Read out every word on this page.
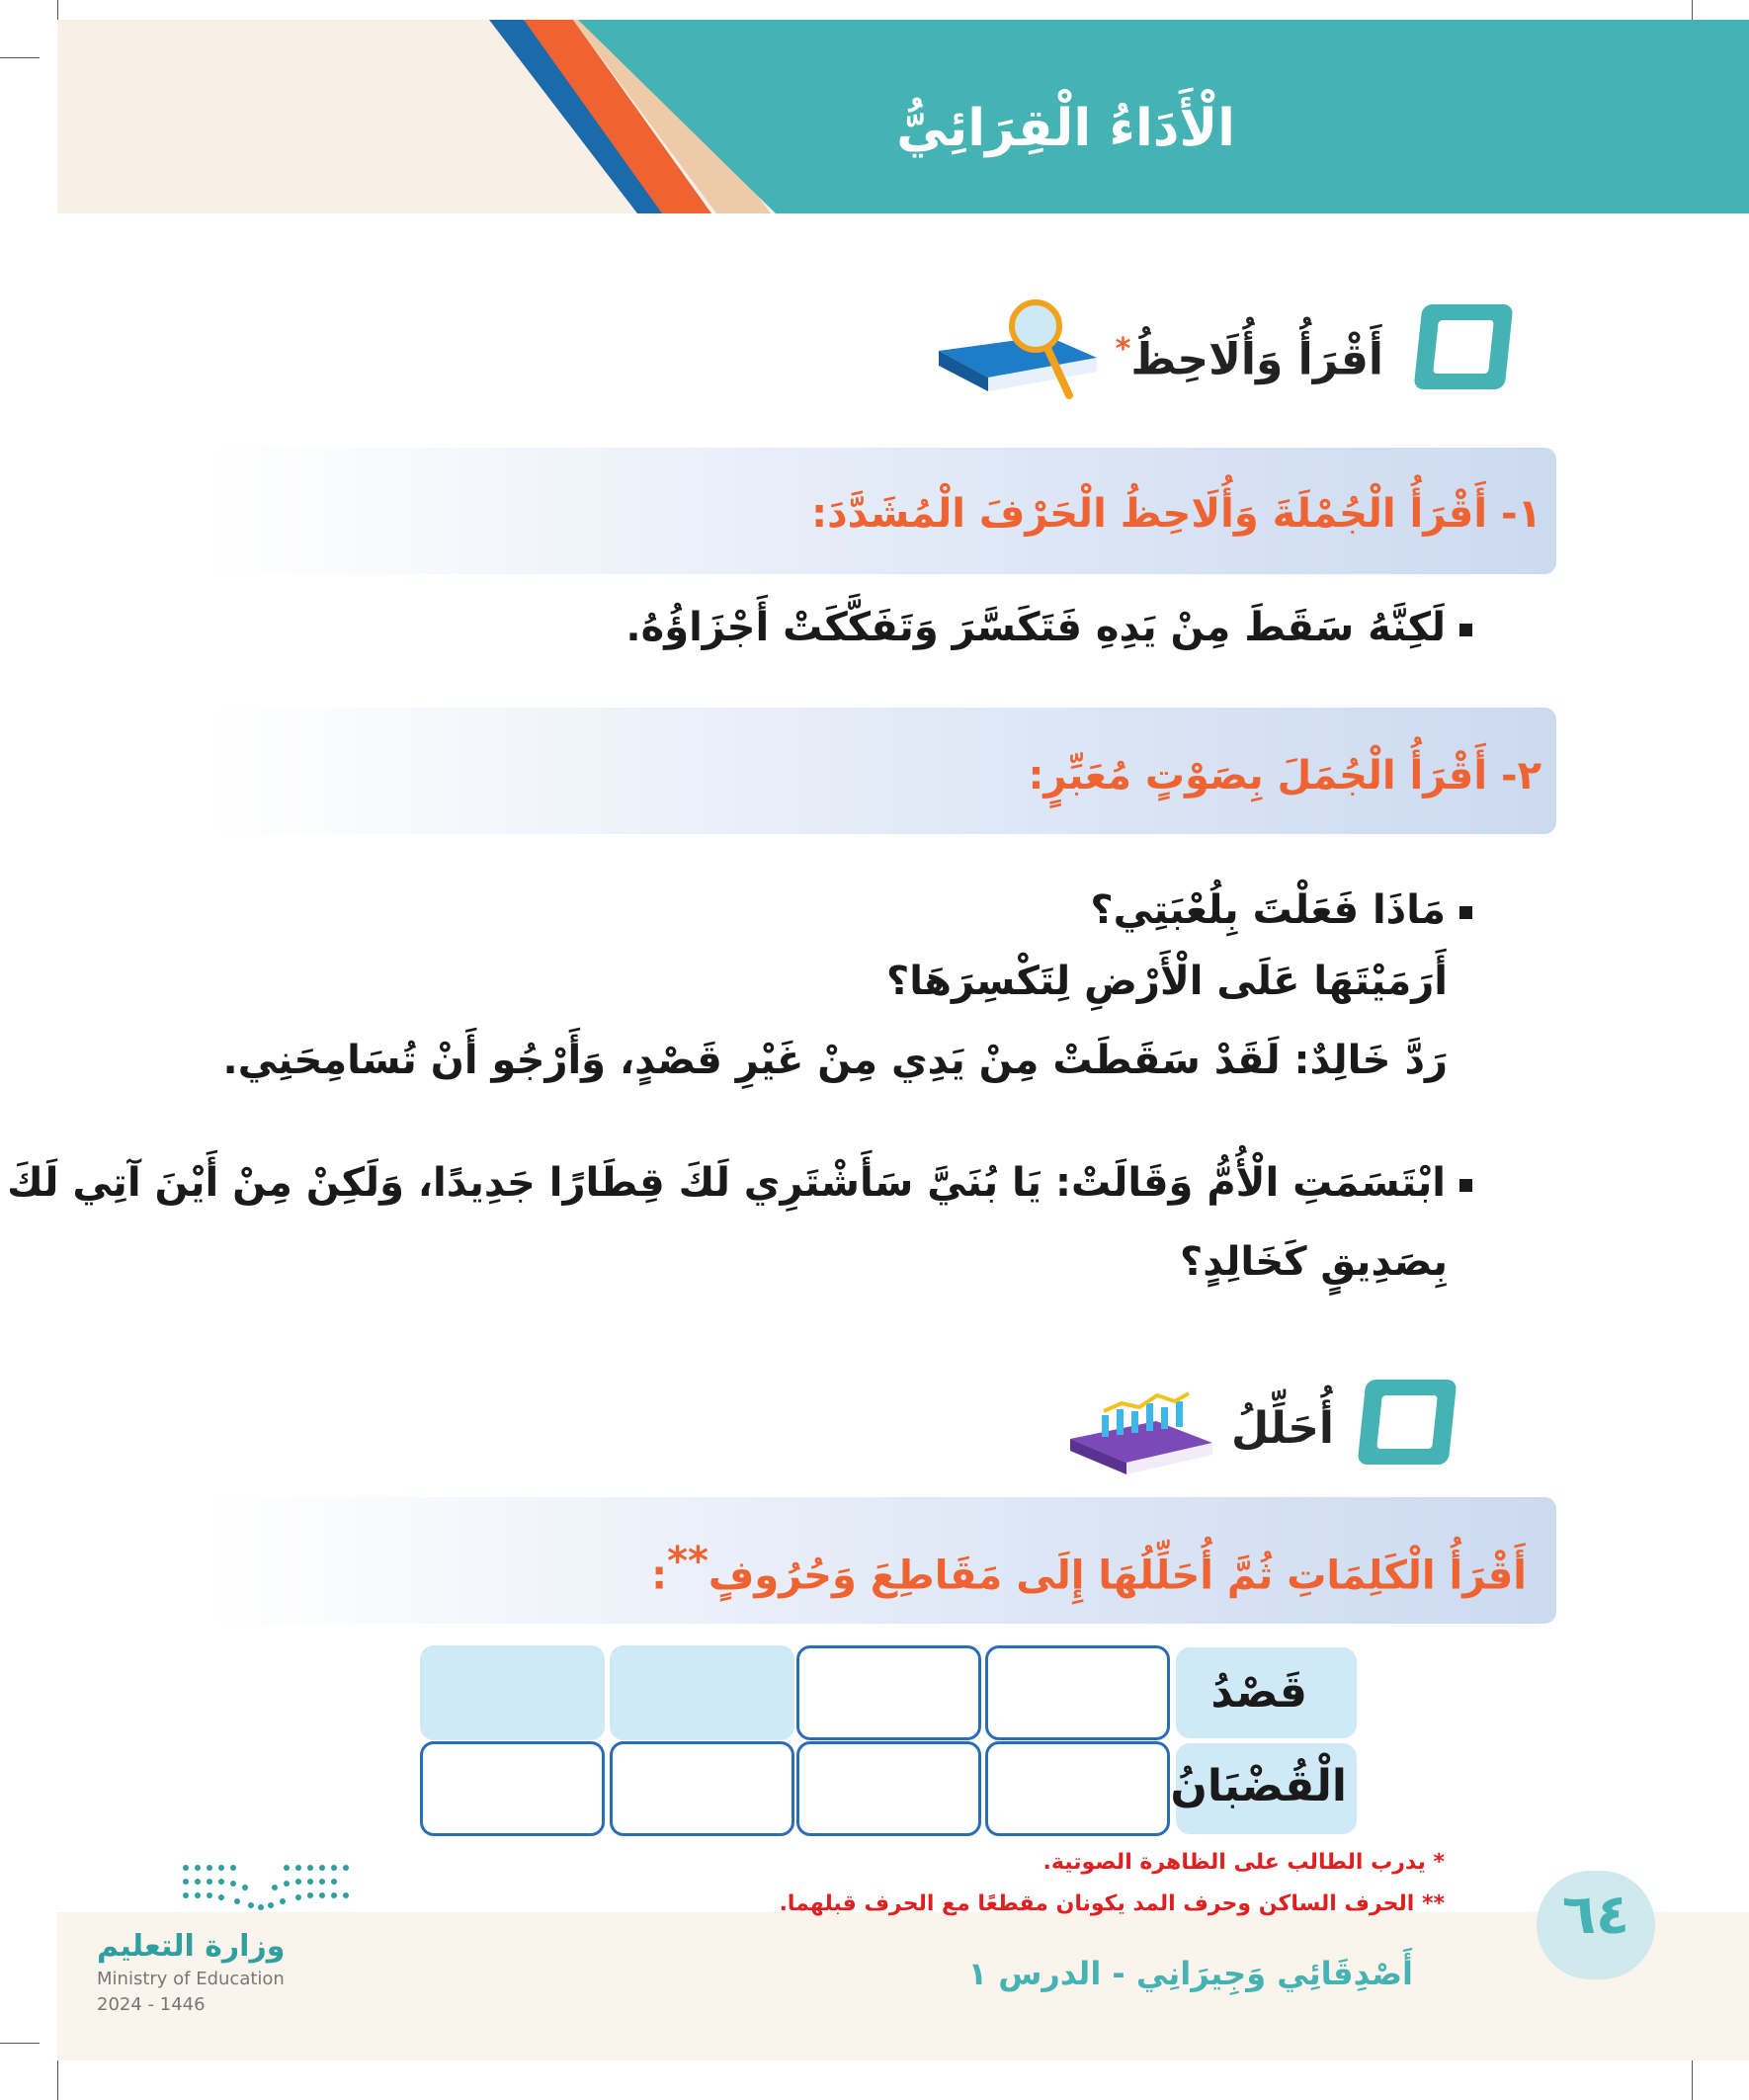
الْأَدَاءُ الْقِرَائِيُّ
أَقْرَأُ وَأُلَاحِظُ*
١- أَقْرَأُ الْجُمْلَةَ وَأُلَاحِظُ الْحَرْفَ الْمُشَدَّدَ:
لَكِنَّهُ سَقَطَ مِنْ يَدِهِ فَتَكَسَّرَ وَتَفَكَّكَتْ أَجْزَاؤُهُ.
٢- أَقْرَأُ الْجُمَلَ بِصَوْتٍ مُعَبِّرٍ:
مَاذَا فَعَلْتَ بِلُعْبَتِي؟
أَرَمَيْتَهَا عَلَى الْأَرْضِ لِتَكْسِرَهَا؟
رَدَّ خَالِدٌ: لَقَدْ سَقَطَتْ مِنْ يَدِي مِنْ غَيْرِ قَصْدٍ، وَأَرْجُو أَنْ تُسَامِحَنِي.
ابْتَسَمَتِ الْأُمُّ وَقَالَتْ: يَا بُنَيَّ سَأَشْتَرِي لَكَ قِطَارًا جَدِيدًا، وَلَكِنْ مِنْ أَيْنَ آتِي لَكَ
بِصَدِيقٍ كَخَالِدٍ؟
أُحَلِّلُ
أَقْرَأُ الْكَلِمَاتِ ثُمَّ أُحَلِّلُهَا إِلَى مَقَاطِعَ وَحُرُوفٍ**:
قَصْدُ
الْقُضْبَانُ
* يدرب الطالب على الظاهرة الصوتية.
** الحرف الساكن وحرف المد يكونان مقطعًا مع الحرف قبلهما.	٦٤
أَصْدِقَائِي وَجِيرَانِي - الدرس ١
وزارة التعليم
Ministry of Education
2024 - 1446
